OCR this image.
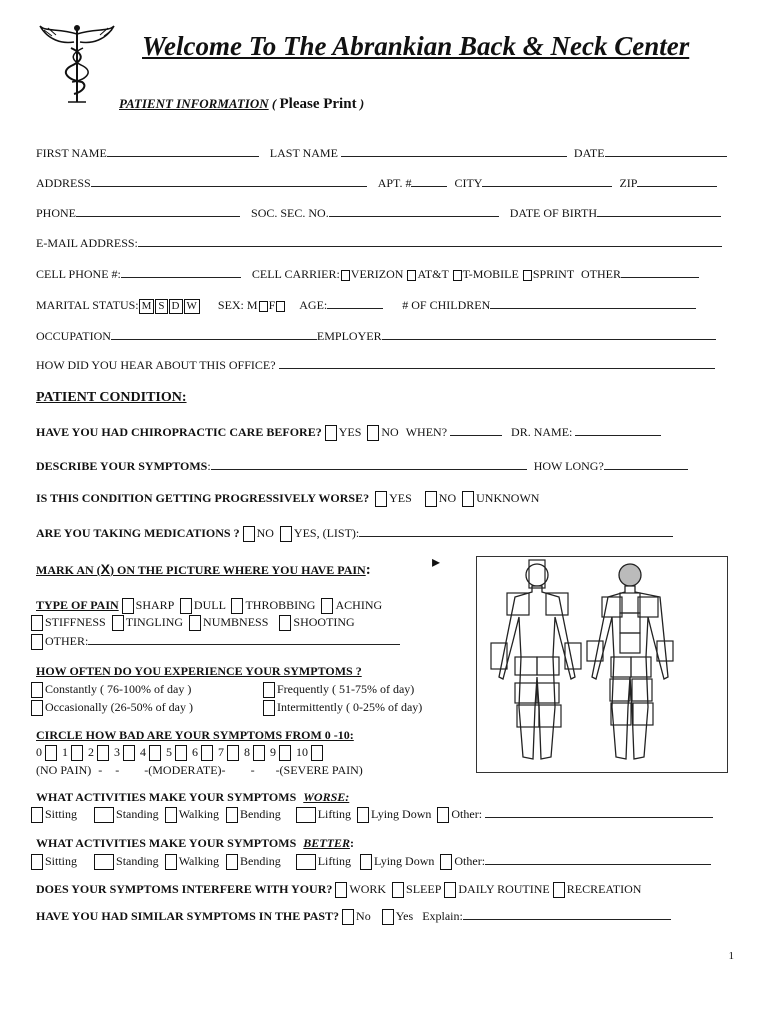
Welcome To The Abrankian Back & Neck Center
PATIENT INFORMATION ( Please Print )
FIRST NAME	LAST NAME	DATE
ADDRESS	APT. #	CITY	ZIP
PHONE	SOC. SEC. NO.	DATE OF BIRTH
E-MAIL ADDRESS:
CELL PHONE #:	CELL CARRIER: VERIZON AT&T T-MOBILE SPRINT OTHER
MARITAL STATUS: M S D W SEX: M F AGE:	# OF CHILDREN
OCCUPATION	EMPLOYER
HOW DID YOU HEAR ABOUT THIS OFFICE?
PATIENT CONDITION:
HAVE YOU HAD CHIROPRACTIC CARE BEFORE? YES NO WHEN?	DR. NAME:
DESCRIBE YOUR SYMPTOMS:	HOW LONG?
IS THIS CONDITION GETTING PROGRESSIVELY WORSE? YES NO UNKNOWN
ARE YOU TAKING MEDICATIONS ? NO YES, (LIST):
MARK AN (X) ON THE PICTURE WHERE YOU HAVE PAIN:	▸
TYPE OF PAIN SHARP DULL THROBBING ACHING
STIFFNESS TINGLING NUMBNESS SHOOTING
OTHER:
HOW OFTEN DO YOU EXPERIENCE YOUR SYMPTOMS ?
Constantly ( 76-100% of day )	Frequently ( 51-75% of day)
Occasionally (26-50% of day )	Intermittently ( 0-25% of day)
CIRCLE HOW BAD ARE YOUR SYMPTOMS FROM 0 -10:
0 1 2 3 4 5 6 7 8 9 10
(NO PAIN) - - -(MODERATE)- - -(SEVERE PAIN)
WHAT ACTIVITIES MAKE YOUR SYMPTOMS WORSE:
Sitting	Standing Walking Bending	Lifting Lying Down Other:
WHAT ACTIVITIES MAKE YOUR SYMPTOMS BETTER:
Sitting	Standing Walking Bending	Lifting Lying Down Other:
DOES YOUR SYMPTOMS INTERFERE WITH YOUR? WORK SLEEP DAILY ROUTINE RECREATION
HAVE YOU HAD SIMILAR SYMPTOMS IN THE PAST? No Yes Explain:
1
